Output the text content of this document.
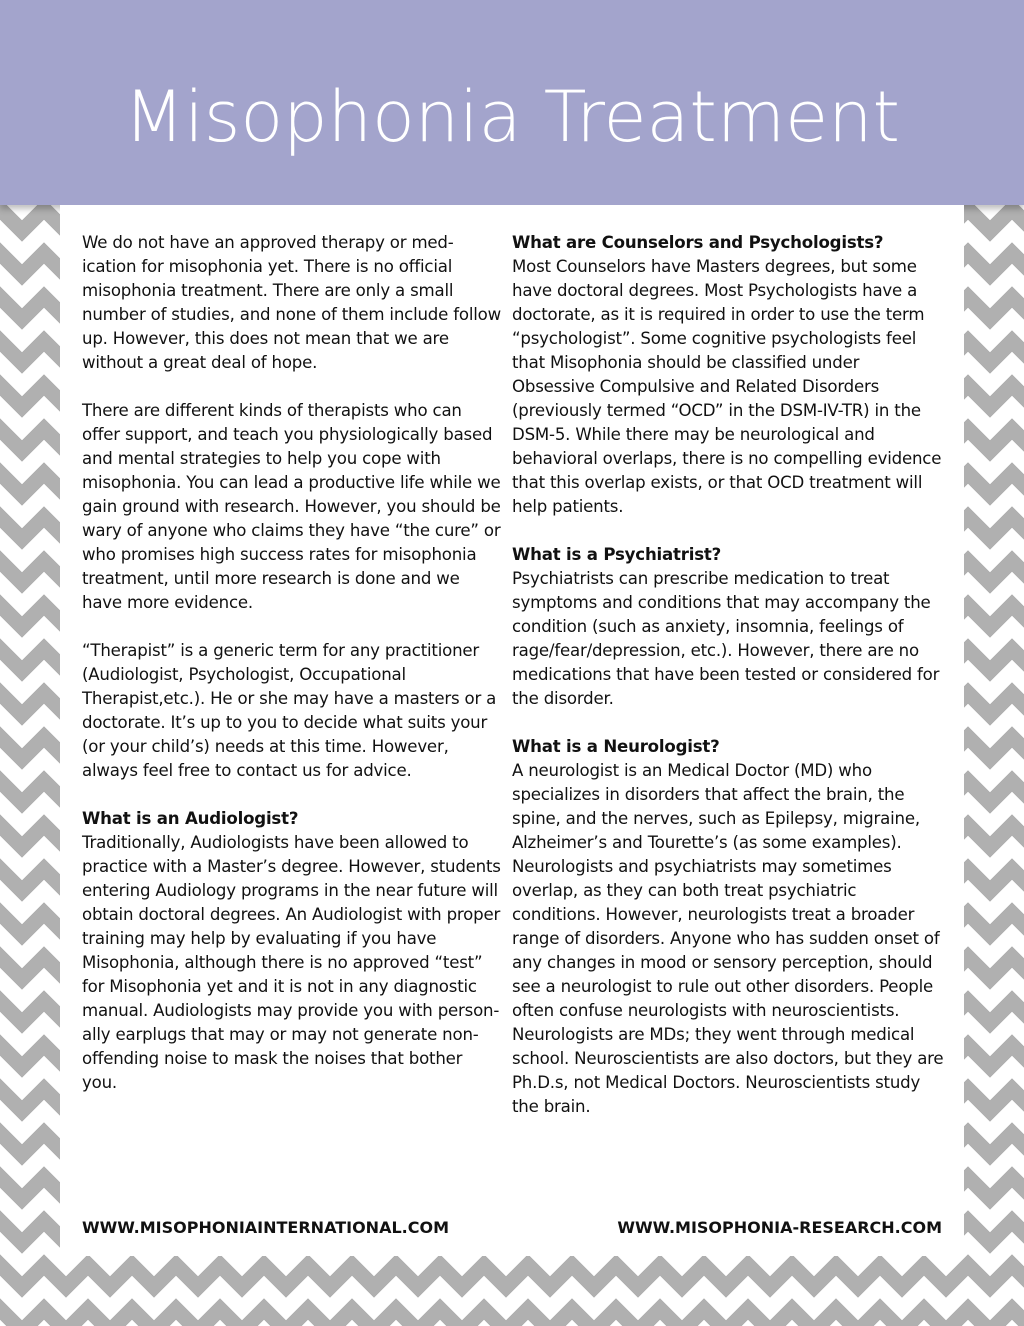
Misophonia Treatment

We do not have an approved therapy or medication for misophonia yet. There is no official misophonia treatment. There are only a small number of studies, and none of them include follow up. However, this does not mean that we are without a great deal of hope.

There are different kinds of therapists who can offer support, and teach you physiologically based and mental strategies to help you cope with misophonia. You can lead a productive life while we gain ground with research. However, you should be wary of anyone who claims they have “the cure” or who promises high success rates for misophonia treatment, until more research is done and we have more evidence.

“Therapist” is a generic term for any practitioner (Audiologist, Psychologist, Occupational Therapist,etc.). He or she may have a masters or a doctorate. It’s up to you to decide what suits your (or your child’s) needs at this time. However, always feel free to contact us for advice.

What is an Audiologist?

Traditionally, Audiologists have been allowed to practice with a Master’s degree. However, students entering Audiology programs in the near future will obtain doctoral degrees. An Audiologist with proper training may help by evaluating if you have Misophonia, although there is no approved “test” for Misophonia yet and it is not in any diagnostic manual. Audiologists may provide you with personally earplugs that may or may not generate non-offending noise to mask the noises that bother you.

What are Counselors and Psychologists?

Most Counselors have Masters degrees, but some have doctoral degrees. Most Psychologists have a doctorate, as it is required in order to use the term “psychologist”. Some cognitive psychologists feel that Misophonia should be classified under Obsessive Compulsive and Related Disorders (previously termed “OCD” in the DSM-IV-TR) in the DSM-5. While there may be neurological and behavioral overlaps, there is no compelling evidence that this overlap exists, or that OCD treatment will help patients.

What is a Psychiatrist?

Psychiatrists can prescribe medication to treat symptoms and conditions that may accompany the condition (such as anxiety, insomnia, feelings of rage/fear/depression, etc.). However, there are no medications that have been tested or considered for the disorder.

What is a Neurologist?

A neurologist is an Medical Doctor (MD) who specializes in disorders that affect the brain, the spine, and the nerves, such as Epilepsy, migraine, Alzheimer’s and Tourette’s (as some examples). Neurologists and psychiatrists may sometimes overlap, as they can both treat psychiatric conditions. However, neurologists treat a broader range of disorders. Anyone who has sudden onset of any changes in mood or sensory perception, should see a neurologist to rule out other disorders. People often confuse neurologists with neuroscientists. Neurologists are MDs; they went through medical school. Neuroscientists are also doctors, but they are Ph.D.s, not Medical Doctors. Neuroscientists study the brain.

WWW.MISOPHONIAINTERNATIONAL.COM	WWW.MISOPHONIA-RESEARCH.COM
